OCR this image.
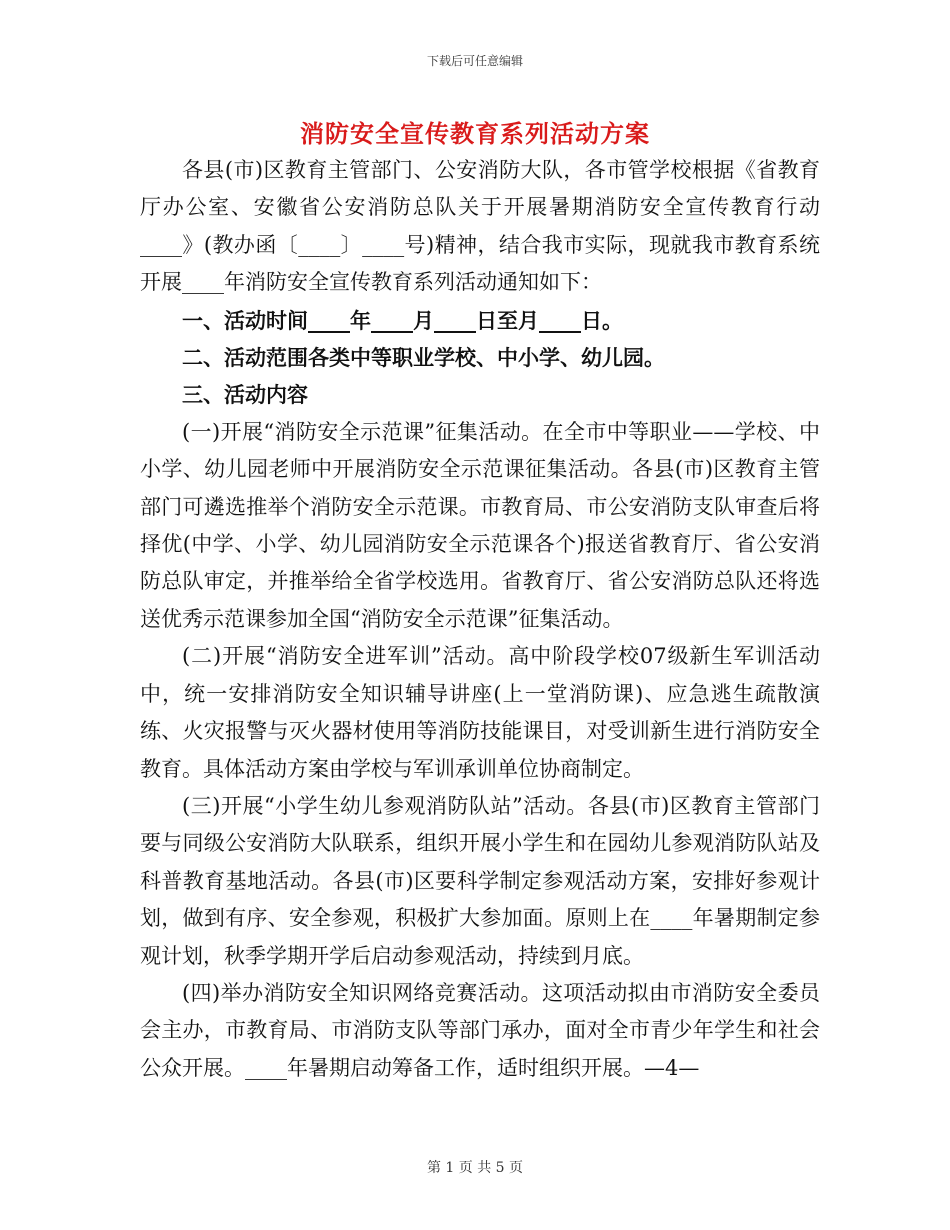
下载后可任意编辑
消防安全宣传教育系列活动方案

各县(市)区教育主管部门、公安消防大队，各市管学校根据《省教育厅办公室、安徽省公安消防总队关于开展暑期消防安全宣传教育行动____》(教办函〔____〕____号)精神，结合我市实际，现就我市教育系统开展____年消防安全宣传教育系列活动通知如下：

一、活动时间____年____月____日至月____日。

二、活动范围各类中等职业学校、中小学、幼儿园。

三、活动内容

(一)开展“消防安全示范课”征集活动。在全市中等职业——学校、中小学、幼儿园老师中开展消防安全示范课征集活动。各县(市)区教育主管部门可遴选推举个消防安全示范课。市教育局、市公安消防支队审查后将择优(中学、小学、幼儿园消防安全示范课各个)报送省教育厅、省公安消防总队审定，并推举给全省学校选用。省教育厅、省公安消防总队还将选送优秀示范课参加全国“消防安全示范课”征集活动。

(二)开展“消防安全进军训”活动。高中阶段学校07级新生军训活动中，统一安排消防安全知识辅导讲座(上一堂消防课)、应急逃生疏散演练、火灾报警与灭火器材使用等消防技能课目，对受训新生进行消防安全教育。具体活动方案由学校与军训承训单位协商制定。

(三)开展“小学生幼儿参观消防队站”活动。各县(市)区教育主管部门要与同级公安消防大队联系，组织开展小学生和在园幼儿参观消防队站及科普教育基地活动。各县(市)区要科学制定参观活动方案，安排好参观计划，做到有序、安全参观，积极扩大参加面。原则上在____年暑期制定参观计划，秋季学期开学后启动参观活动，持续到月底。

(四)举办消防安全知识网络竞赛活动。这项活动拟由市消防安全委员会主办，市教育局、市消防支队等部门承办，面对全市青少年学生和社会公众开展。____年暑期启动筹备工作，适时组织开展。—4—

第 1 页 共 5 页
